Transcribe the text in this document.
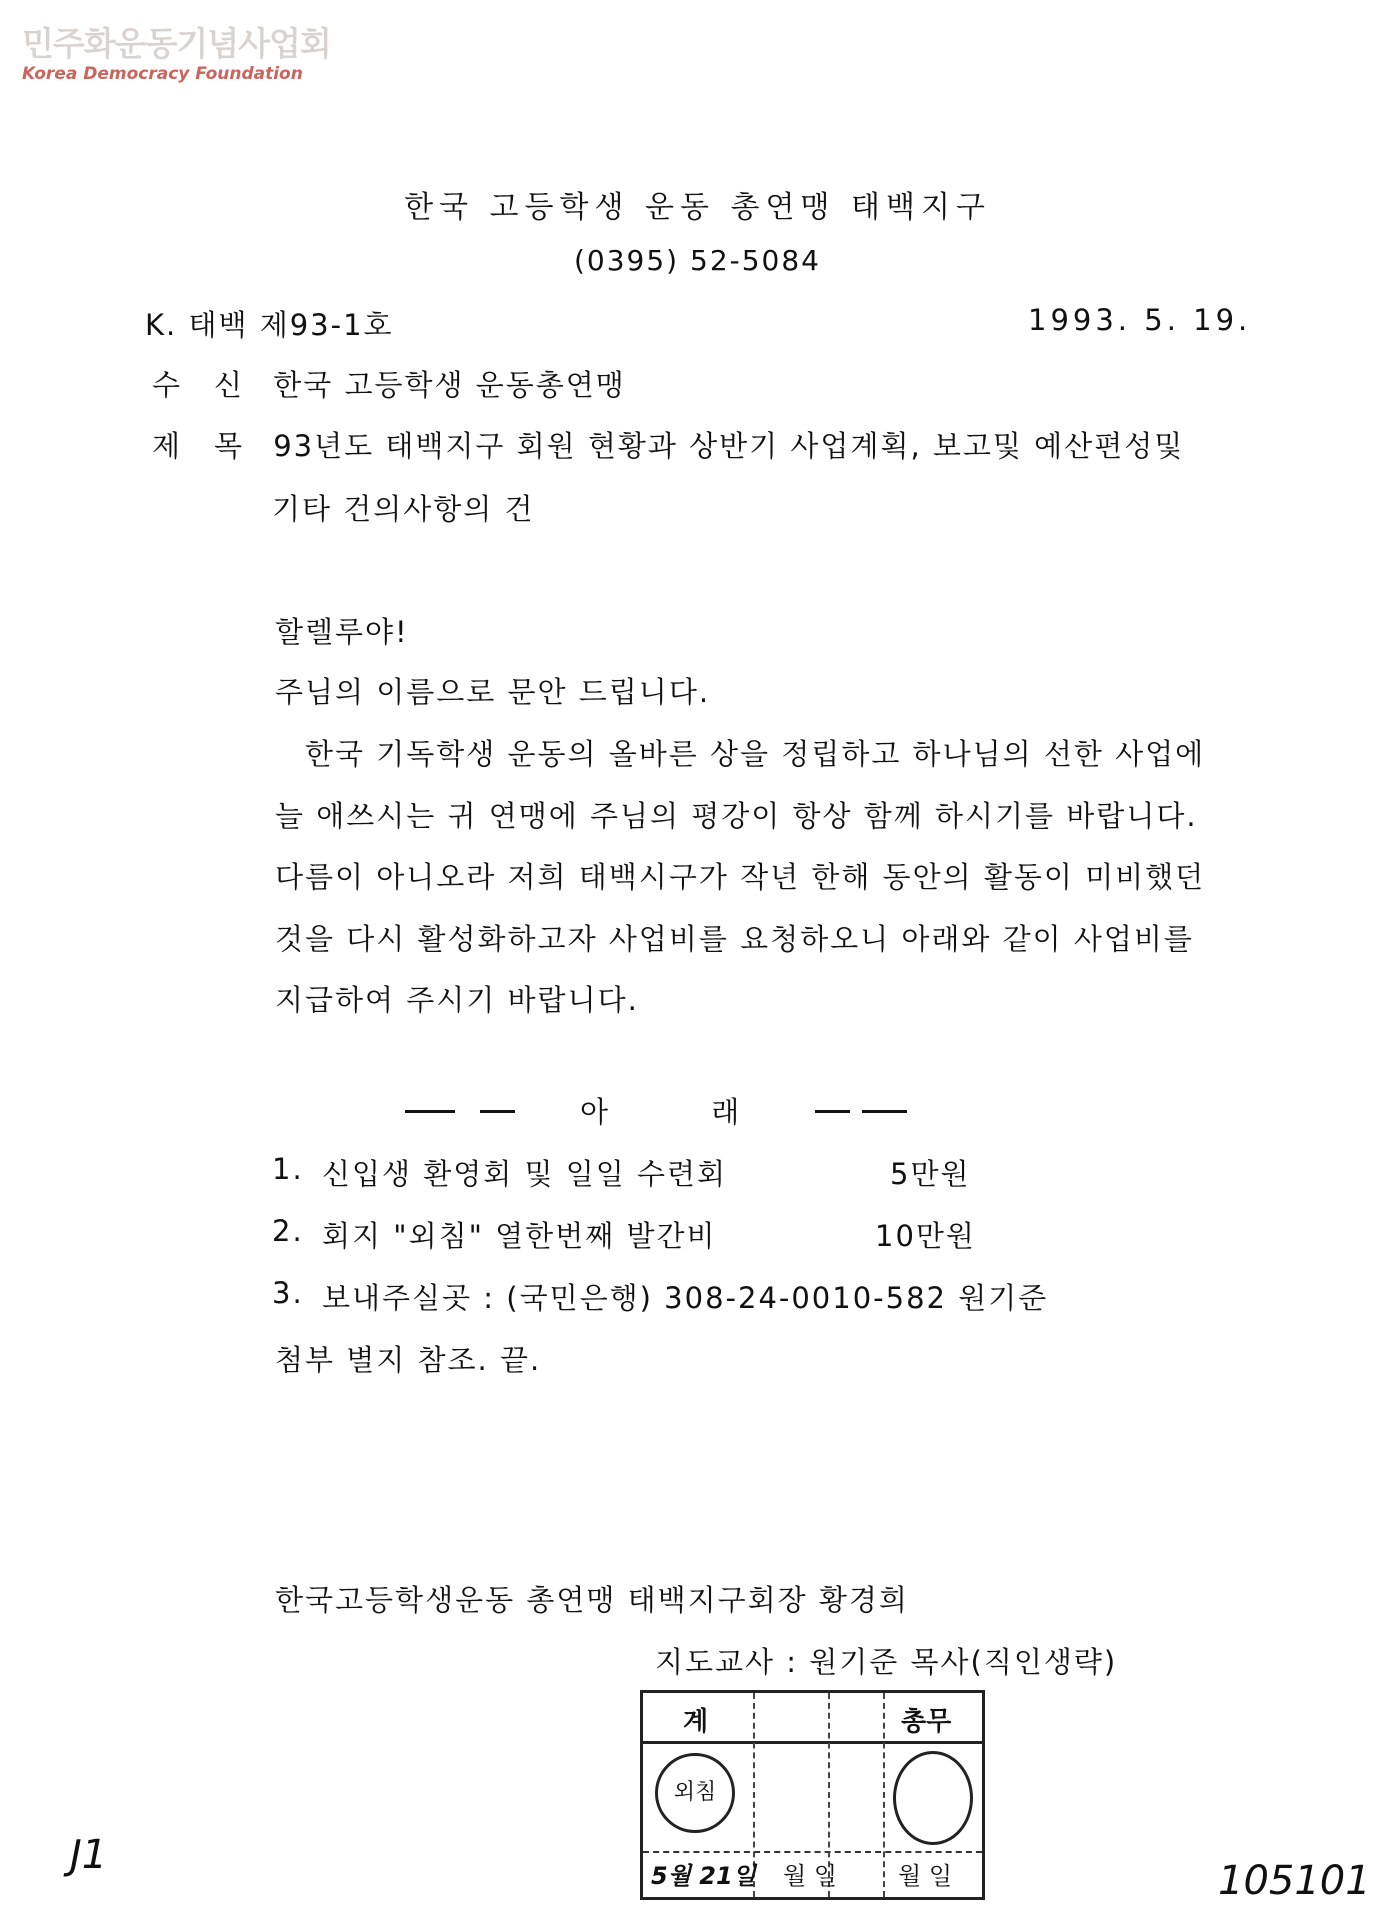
민주화운동기념사업회
Korea Democracy Foundation
한국 고등학생 운동 총연맹 태백지구
(0395) 52-5084
K. 태백 제93-1호	1993. 5. 19.
수신 한국 고등학생 운동총연맹
제목 93년도 태백지구 회원 현황과 상반기 사업계획, 보고및 예산편성및
기타 건의사항의 건
할렐루야!
주님의 이름으로 문안 드립니다.
한국 기독학생 운동의 올바른 상을 정립하고 하나님의 선한 사업에
늘 애쓰시는 귀 연맹에 주님의 평강이 항상 함께 하시기를 바랍니다.
다름이 아니오라 저희 태백시구가 작년 한해 동안의 활동이 미비했던
것을 다시 활성화하고자 사업비를 요청하오니 아래와 같이 사업비를
지급하여 주시기 바랍니다.
아 래
1. 신입생 환영회 및 일일 수련회	5만원
2. 회지 "외침" 열한번째 발간비	10만원
3. 보내주실곳 : (국민은행) 308-24-0010-582 원기준
첨부 별지 참조. 끝.
한국고등학생운동 총연맹 태백지구회장 황경희
지도교사 : 원기준 목사(직인생략)
계	총무
외침
5월 21일 월 일	월 일
J1
105101
